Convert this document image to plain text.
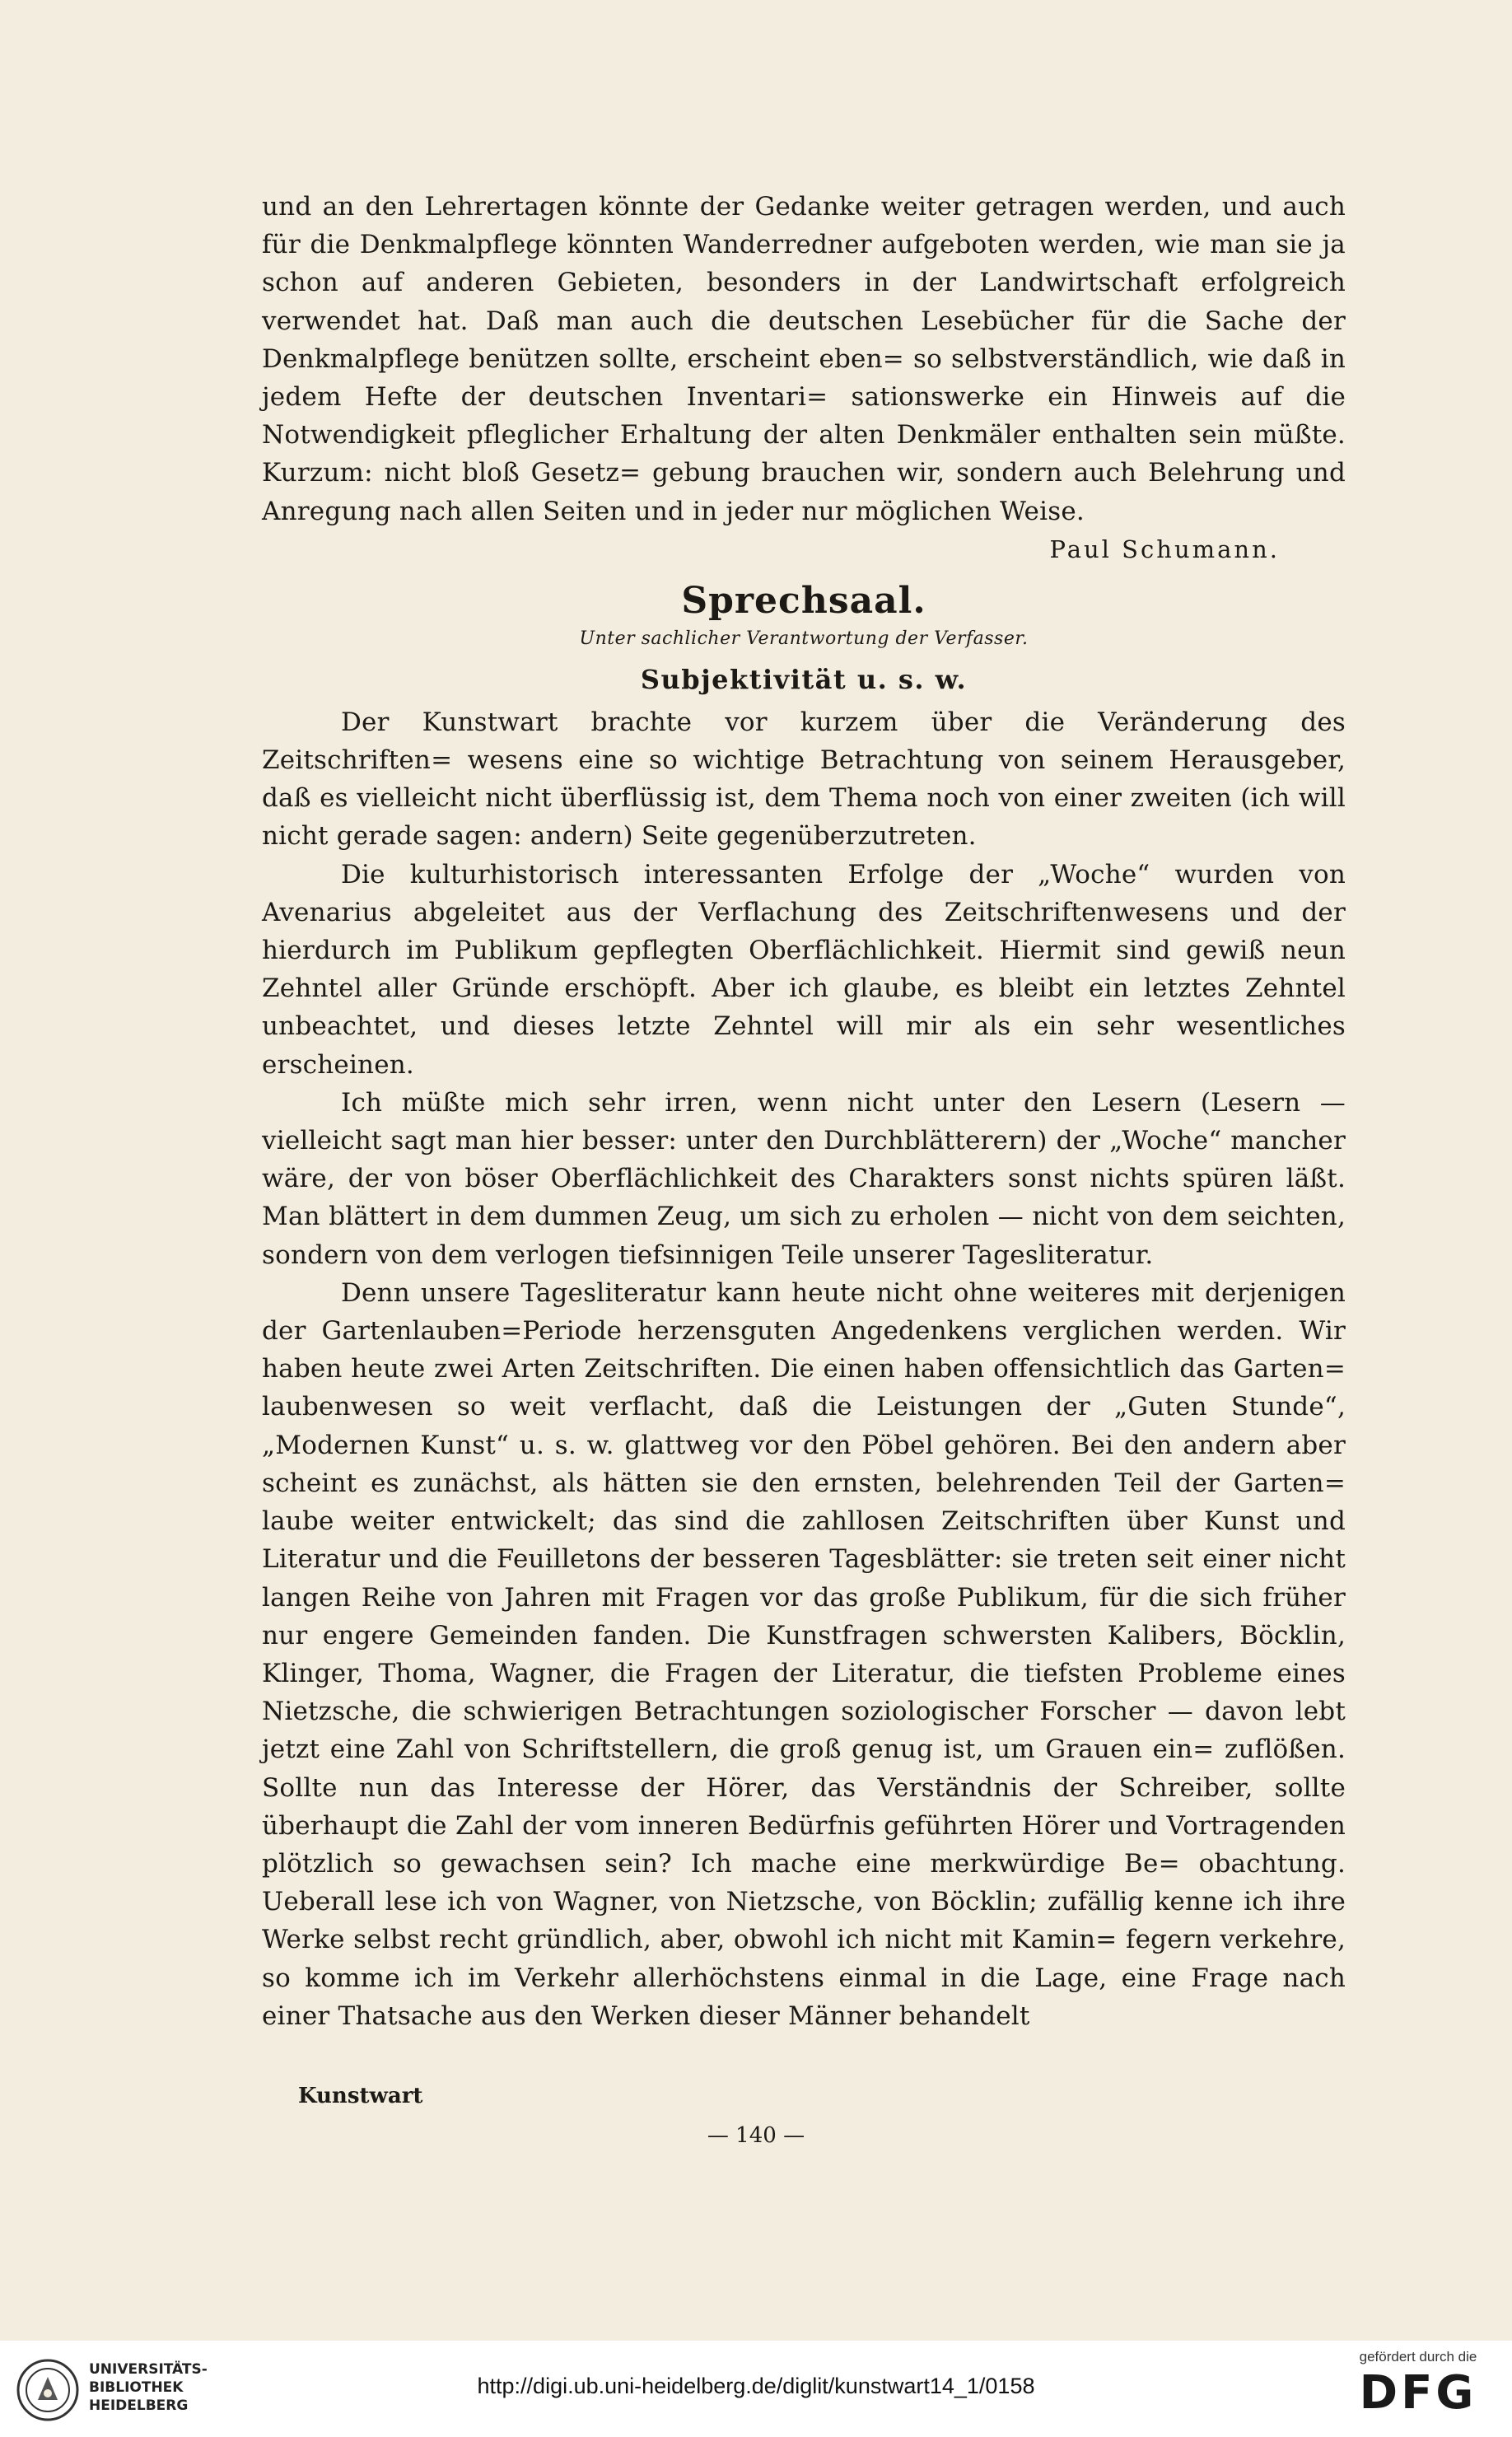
und an den Lehrertagen könnte der Gedanke weiter getragen werden, und auch für die Denkmalpflege könnten Wanderredner aufgeboten werden, wie man sie ja schon auf anderen Gebieten, besonders in der Landwirtschaft erfolgreich verwendet hat. Daß man auch die deutschen Lesebücher für die Sache der Denkmalpflege benützen sollte, erscheint eben= so selbstverständlich, wie daß in jedem Hefte der deutschen Inventari= sationswerke ein Hinweis auf die Notwendigkeit pfleglicher Erhaltung der alten Denkmäler enthalten sein müßte. Kurzum: nicht bloß Gesetz= gebung brauchen wir, sondern auch Belehrung und Anregung nach allen Seiten und in jeder nur möglichen Weise.
Paul Schumann.

Sprechsaal.
Unter sachlicher Verantwortung der Verfasser.
Subjektivität u. s. w.

Der Kunstwart brachte vor kurzem über die Veränderung des Zeitschriften= wesens eine so wichtige Betrachtung von seinem Herausgeber, daß es vielleicht nicht überflüssig ist, dem Thema noch von einer zweiten (ich will nicht gerade sagen: andern) Seite gegenüberzutreten.

Die kulturhistorisch interessanten Erfolge der „Woche“ wurden von Avenarius abgeleitet aus der Verflachung des Zeitschriftenwesens und der hierdurch im Publikum gepflegten Oberflächlichkeit. Hiermit sind gewiß neun Zehntel aller Gründe erschöpft. Aber ich glaube, es bleibt ein letztes Zehntel unbeachtet, und dieses letzte Zehntel will mir als ein sehr wesentliches erscheinen.

Ich müßte mich sehr irren, wenn nicht unter den Lesern (Lesern — vielleicht sagt man hier besser: unter den Durchblätterern) der „Woche“ mancher wäre, der von böser Oberflächlichkeit des Charakters sonst nichts spüren läßt. Man blättert in dem dummen Zeug, um sich zu erholen — nicht von dem seichten, sondern von dem verlogen tiefsinnigen Teile unserer Tagesliteratur.

Denn unsere Tagesliteratur kann heute nicht ohne weiteres mit derjenigen der Gartenlauben=Periode herzensguten Angedenkens verglichen werden. Wir haben heute zwei Arten Zeitschriften. Die einen haben offensichtlich das Garten= laubenwesen so weit verflacht, daß die Leistungen der „Guten Stunde“, „Modernen Kunst“ u. s. w. glattweg vor den Pöbel gehören. Bei den andern aber scheint es zunächst, als hätten sie den ernsten, belehrenden Teil der Garten= laube weiter entwickelt; das sind die zahllosen Zeitschriften über Kunst und Literatur und die Feuilletons der besseren Tagesblätter: sie treten seit einer nicht langen Reihe von Jahren mit Fragen vor das große Publikum, für die sich früher nur engere Gemeinden fanden. Die Kunstfragen schwersten Kalibers, Böcklin, Klinger, Thoma, Wagner, die Fragen der Literatur, die tiefsten Probleme eines Nietzsche, die schwierigen Betrachtungen soziologischer Forscher — davon lebt jetzt eine Zahl von Schriftstellern, die groß genug ist, um Grauen ein= zuflößen. Sollte nun das Interesse der Hörer, das Verständnis der Schreiber, sollte überhaupt die Zahl der vom inneren Bedürfnis geführten Hörer und Vortragenden plötzlich so gewachsen sein? Ich mache eine merkwürdige Be= obachtung. Ueberall lese ich von Wagner, von Nietzsche, von Böcklin; zufällig kenne ich ihre Werke selbst recht gründlich, aber, obwohl ich nicht mit Kamin= fegern verkehre, so komme ich im Verkehr allerhöchstens einmal in die Lage, eine Frage nach einer Thatsache aus den Werken dieser Männer behandelt

Kunstwart
— 140 —
UNIVERSITÄTS-
BIBLIOTHEK
HEIDELBERG
http://digi.ub.uni-heidelberg.de/diglit/kunstwart14_1/0158
gefördert durch die
DFG
